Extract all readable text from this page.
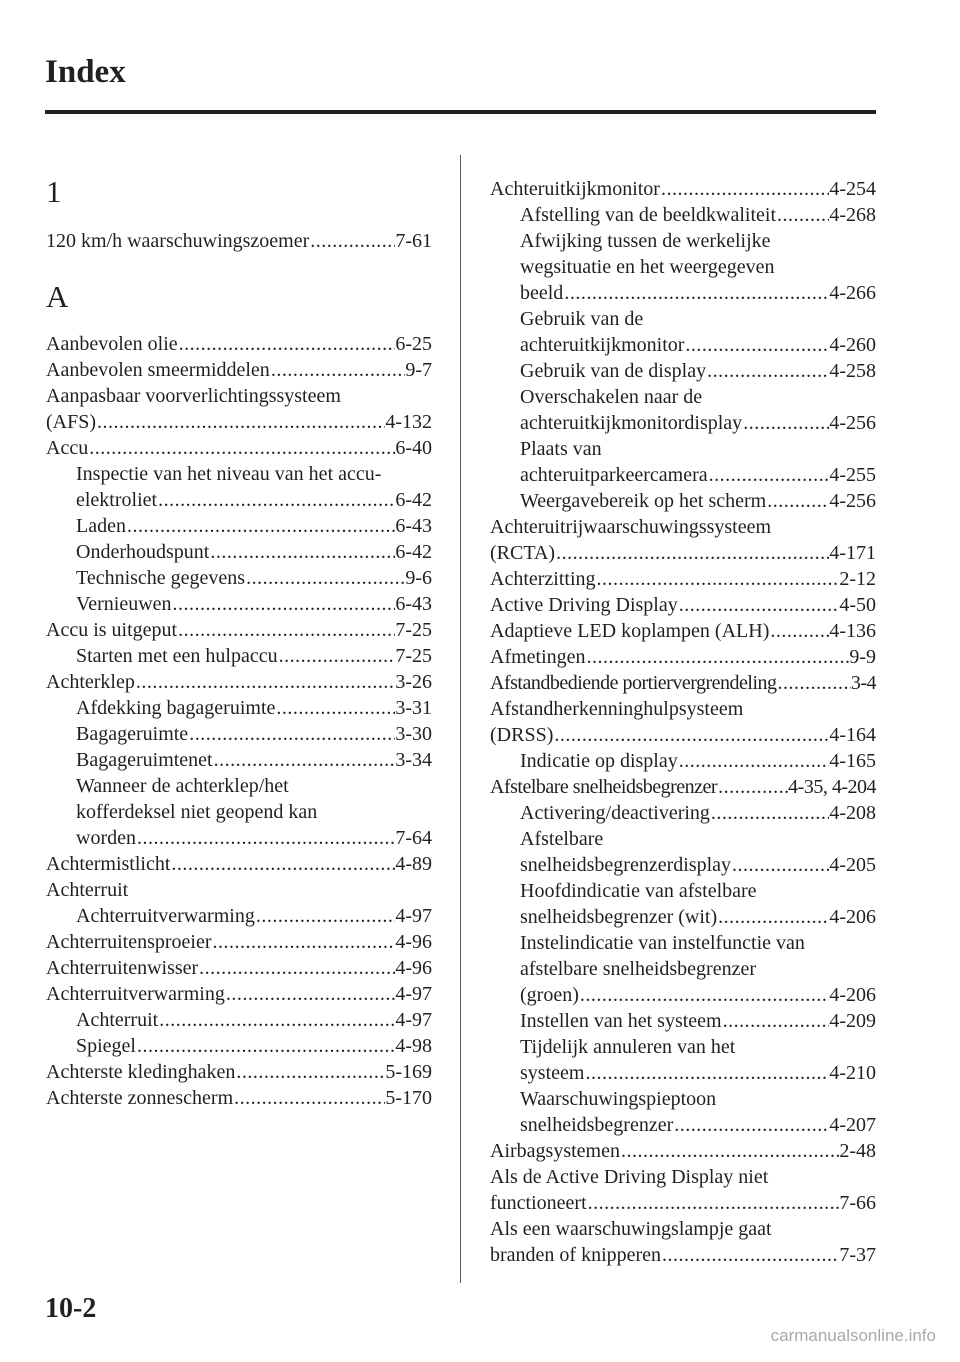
Index
1
120 km/h waarschuwingszoemer .....	7-61
A
Aanbevolen olie .....	6-25
Aanbevolen smeermiddelen .....	9-7
Aanpasbaar voorverlichtingssysteem
(AFS) .....	4-132
Accu .....	6-40
Inspectie van het niveau van het accu-
elektroliet .....	6-42
Laden .....	6-43
Onderhoudspunt .....	6-42
Technische gegevens .....	9-6
Vernieuwen .....	6-43
Accu is uitgeput .....	7-25
Starten met een hulpaccu .....	7-25
Achterklep .....	3-26
Afdekking bagageruimte .....	3-31
Bagageruimte .....	3-30
Bagageruimtenet .....	3-34
Wanneer de achterklep/het
kofferdeksel niet geopend kan
worden .....	7-64
Achtermistlicht .....	4-89
Achterruit
Achterruitverwarming .....	4-97
Achterruitensproeier .....	4-96
Achterruitenwisser .....	4-96
Achterruitverwarming .....	4-97
Achterruit .....	4-97
Spiegel .....	4-98
Achterste kledinghaken .....	5-169
Achterste zonnescherm .....	5-170
Achteruitkijkmonitor .....	4-254
Afstelling van de beeldkwaliteit .....	4-268
Afwijking tussen de werkelijke
wegsituatie en het weergegeven
beeld .....	4-266
Gebruik van de
achteruitkijkmonitor .....	4-260
Gebruik van de display .....	4-258
Overschakelen naar de
achteruitkijkmonitordisplay .....	4-256
Plaats van
achteruitparkeercamera .....	4-255
Weergavebereik op het scherm .....	4-256
Achteruitrijwaarschuwingssysteem
(RCTA) .....	4-171
Achterzitting .....	2-12
Active Driving Display .....	4-50
Adaptieve LED koplampen (ALH) .....	4-136
Afmetingen .....	9-9
Afstandbediende portiervergrendeling .....	3-4
Afstandherkenninghulpsysteem
(DRSS) .....	4-164
Indicatie op display .....	4-165
Afstelbare snelheidsbegrenzer .....	4-35, 4-204
Activering/deactivering .....	4-208
Afstelbare
snelheidsbegrenzerdisplay .....	4-205
Hoofdindicatie van afstelbare
snelheidsbegrenzer (wit) .....	4-206
Instelindicatie van instelfunctie van
afstelbare snelheidsbegrenzer
(groen) .....	4-206
Instellen van het systeem .....	4-209
Tijdelijk annuleren van het
systeem .....	4-210
Waarschuwingspieptoon
snelheidsbegrenzer .....	4-207
Airbagsystemen .....	2-48
Als de Active Driving Display niet
functioneert .....	7-66
Als een waarschuwingslampje gaat
branden of knipperen .....	7-37
10-2
carmanualsonline.info
